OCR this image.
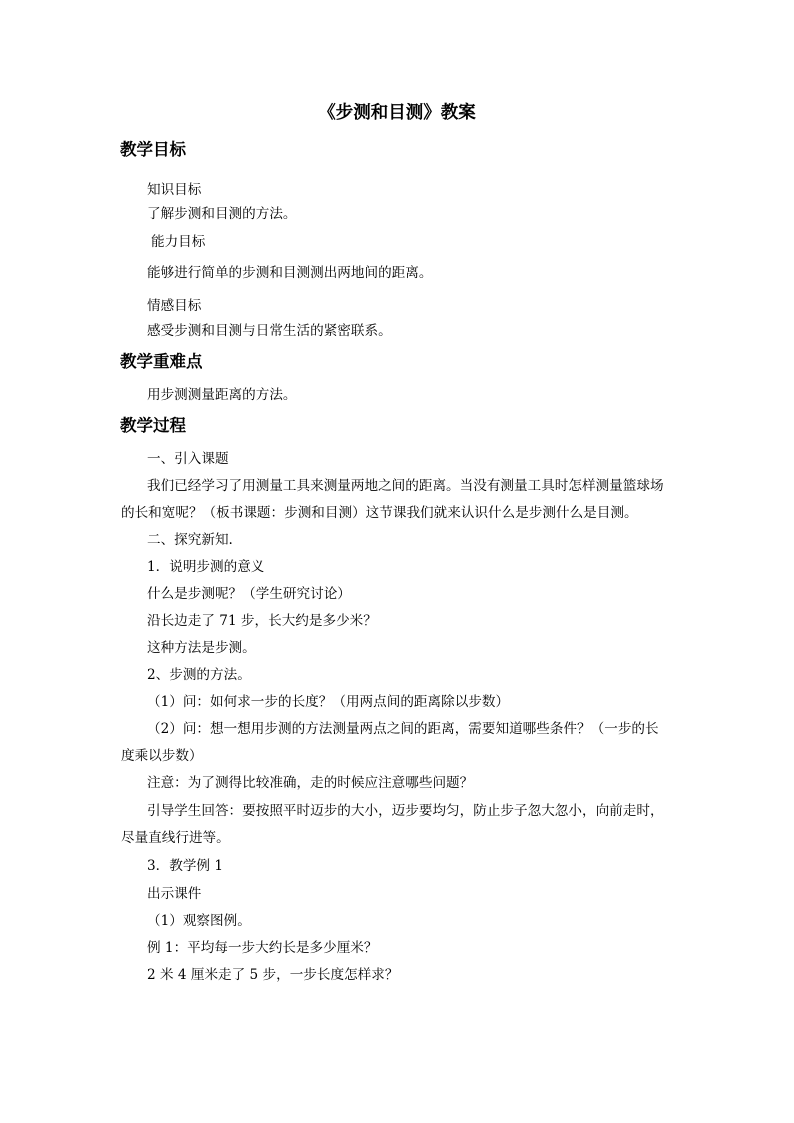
《步测和目测》教案
教学目标
知识目标
了解步测和目测的方法。
能力目标
能够进行简单的步测和目测测出两地间的距离。
情感目标
感受步测和目测与日常生活的紧密联系。
教学重难点
用步测测量距离的方法。
教学过程
一、引入课题
我们已经学习了用测量工具来测量两地之间的距离。当没有测量工具时怎样测量篮球场
的长和宽呢？（板书课题：步测和目测）这节课我们就来认识什么是步测什么是目测。
二、探究新知.
1．说明步测的意义
什么是步测呢？（学生研究讨论）
沿长边走了 71 步，长大约是多少米？
这种方法是步测。
2、步测的方法。
（1）问：如何求一步的长度？（用两点间的距离除以步数）
（2）问：想一想用步测的方法测量两点之间的距离，需要知道哪些条件？（一步的长
度乘以步数）
注意：为了测得比较准确，走的时候应注意哪些问题？
引导学生回答：要按照平时迈步的大小，迈步要均匀，防止步子忽大忽小，向前走时，
尽量直线行进等。
3．教学例 1
出示课件
（1）观察图例。
例 1：平均每一步大约长是多少厘米？
2 米 4 厘米走了 5 步，一步长度怎样求？
